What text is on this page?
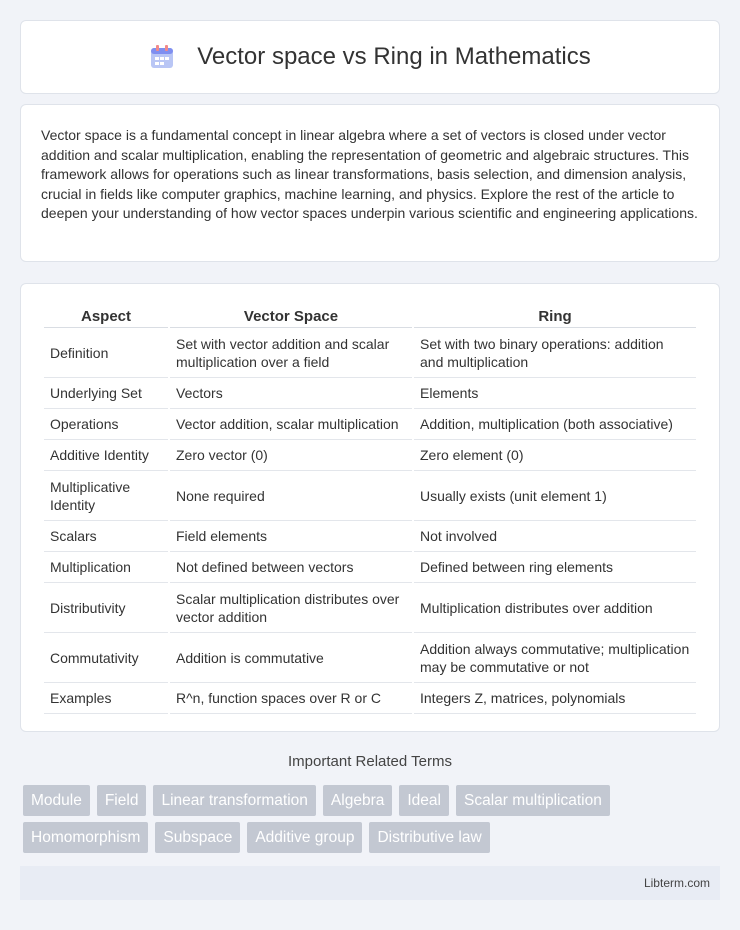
Vector space vs Ring in Mathematics

Vector space is a fundamental concept in linear algebra where a set of vectors is closed under vector addition and scalar multiplication, enabling the representation of geometric and algebraic structures. This framework allows for operations such as linear transformations, basis selection, and dimension analysis, crucial in fields like computer graphics, machine learning, and physics. Explore the rest of the article to deepen your understanding of how vector spaces underpin various scientific and engineering applications.

Aspect	Vector Space	Ring
Definition	Set with vector addition and scalar multiplication over a field	Set with two binary operations: addition and multiplication
Underlying Set	Vectors	Elements
Operations	Vector addition, scalar multiplication	Addition, multiplication (both associative)
Additive Identity	Zero vector (0)	Zero element (0)
Multiplicative Identity	None required	Usually exists (unit element 1)
Scalars	Field elements	Not involved
Multiplication	Not defined between vectors	Defined between ring elements
Distributivity	Scalar multiplication distributes over vector addition	Multiplication distributes over addition
Commutativity	Addition is commutative	Addition always commutative; multiplication may be commutative or not
Examples	R^n, function spaces over R or C	Integers Z, matrices, polynomials
Important Related Terms
Module	Field	Linear transformation	Algebra	Ideal	Scalar multiplication
Homomorphism	Subspace	Additive group	Distributive law
Libterm.com
